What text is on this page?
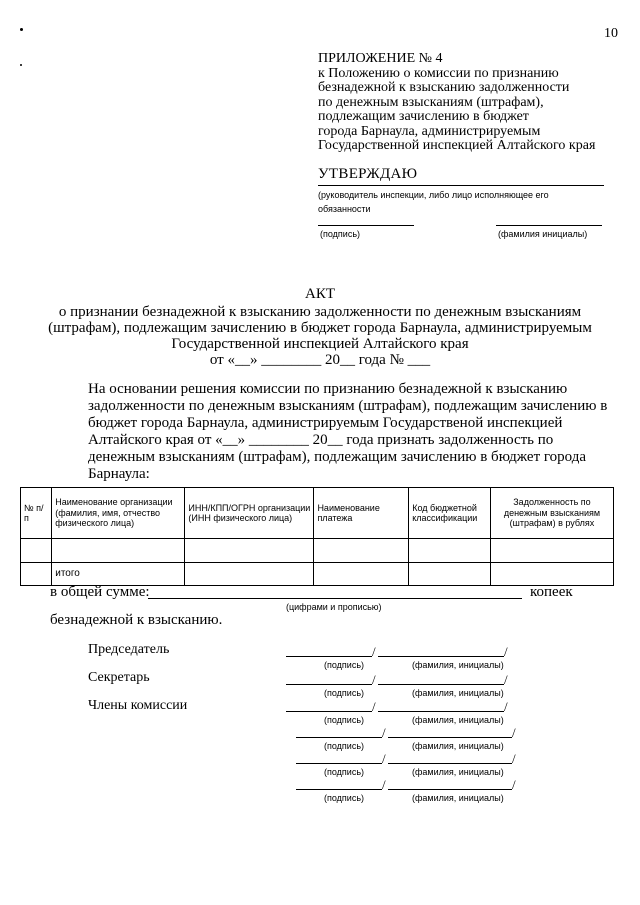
10
ПРИЛОЖЕНИЕ № 4
к Положению о комиссии по признанию
безнадежной к взысканию задолженности
по денежным взысканиям (штрафам),
подлежащим зачислению в бюджет
города Барнаула, администрируемым
Государственной инспекцией Алтайского края
УТВЕРЖДАЮ
(руководитель инспекции, либо лицо исполняющее его
обязанности
(подпись)	(фамилия инициалы)
АКТ
о признании безнадежной к взысканию задолженности по денежным взысканиям
(штрафам), подлежащим зачислению в бюджет города Барнаула, администрируемым
Государственной инспекцией Алтайского края
от «__» ________ 20__ года № ___
На основании решения комиссии по признанию безнадежной к взысканию
задолженности по денежным взысканиям (штрафам), подлежащим зачислению в
бюджет города Барнаула, администрируемым Государственой инспекцией
Алтайского края от «__» ________ 20__ года признать задолженность по
денежным взысканиям (штрафам), подлежащим зачислению в бюджет города
Барнаула:
№ п/п	Наименование организации (фамилия, имя, отчество физического лица)	ИНН/КПП/ОГРН организации (ИНН физического лица)	Наименование платежа	Код бюджетной классификации	Задолженность по денежным взысканиям (штрафам) в рублях

	итого				
в общей сумме:	копеек
(цифрами и прописью)
безнадежной к взысканию.
Председатель
Секретарь
Члены комиссии
/	/
(подпись)	(фамилия, инициалы)
/	/
(подпись)	(фамилия, инициалы)
/	/
(подпись)	(фамилия, инициалы)
/	/
(подпись)	(фамилия, инициалы)
/	/
(подпись)	(фамилия, инициалы)
/	/
(подпись)	(фамилия, инициалы)
